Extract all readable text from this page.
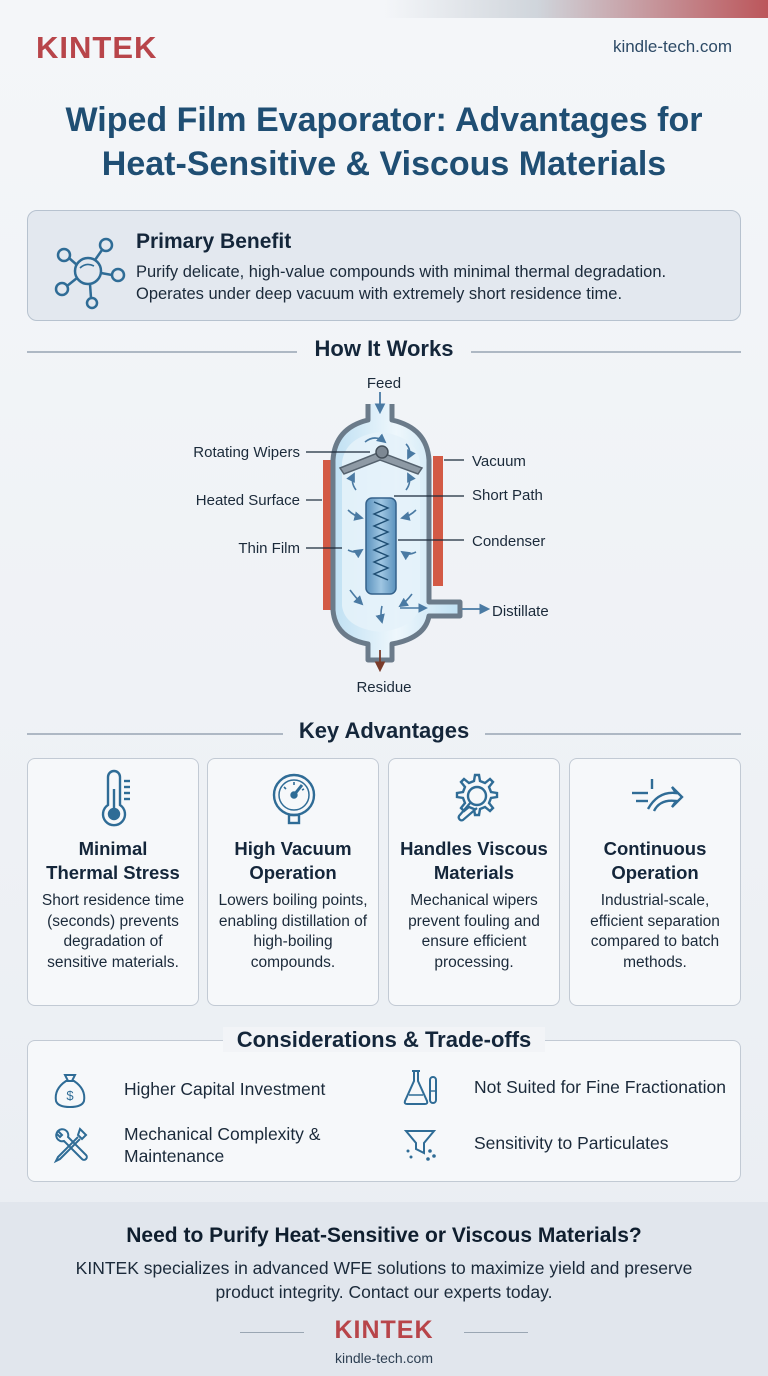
KINTEK	kindle-tech.com
Wiped Film Evaporator: Advantages for
Heat-Sensitive & Viscous Materials
Primary Benefit

Purify delicate, high-value compounds with minimal thermal degradation.
Operates under deep vacuum with extremely short residence time.

How It Works
Feed
Rotating Wipers
Heated Surface
Thin Film
Vacuum
Short Path
Condenser
Distillate
Residue
Key Advantages
Minimal
Thermal Stress

Short residence time (seconds) prevents degradation of sensitive materials.

High Vacuum
Operation

Lowers boiling points, enabling distillation of high-boiling compounds.

Handles Viscous
Materials

Mechanical wipers prevent fouling and ensure efficient processing.

Continuous
Operation

Industrial-scale, efficient separation compared to batch methods.

Considerations & Trade-offs
$	Higher Capital Investment	Not Suited for Fine Fractionation
Mechanical Complexity & Maintenance
Sensitivity to Particulates
Need to Purify Heat-Sensitive or Viscous Materials?

KINTEK specializes in advanced WFE solutions to maximize yield and preserve product integrity. Contact our experts today.

KINTEK
kindle-tech.com
